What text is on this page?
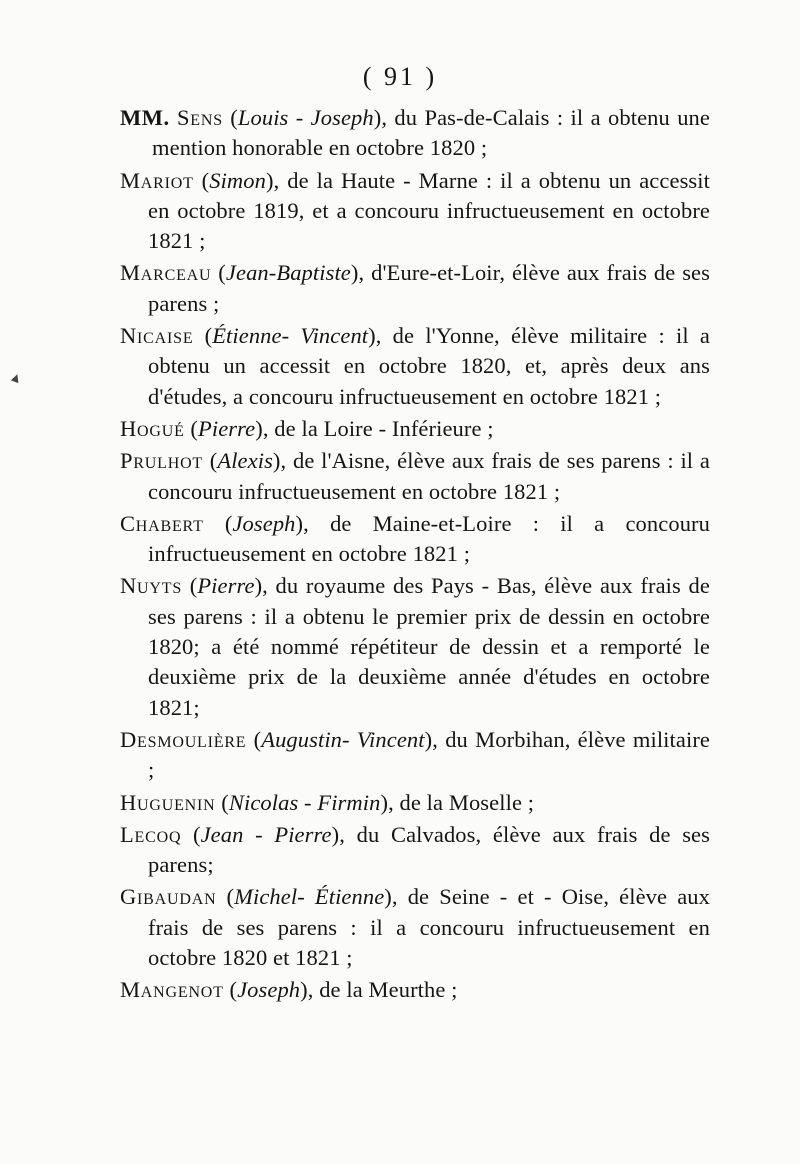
( 91 )

MM. Sens (Louis - Joseph), du Pas-de-Calais : il a obtenu une mention honorable en octobre 1820 ;

Mariot (Simon), de la Haute - Marne : il a obtenu un accessit en octobre 1819, et a concouru infructueusement en octobre 1821 ;

Marceau (Jean-Baptiste), d'Eure-et-Loir, élève aux frais de ses parens ;

Nicaise (Étienne- Vincent), de l'Yonne, élève militaire : il a obtenu un accessit en octobre 1820, et, après deux ans d'études, a concouru infructueusement en octobre 1821 ;

Hogué (Pierre), de la Loire - Inférieure ;

Prulhot (Alexis), de l'Aisne, élève aux frais de ses parens : il a concouru infructueusement en octobre 1821 ;

Chabert (Joseph), de Maine-et-Loire : il a concouru infructueusement en octobre 1821 ;

Nuyts (Pierre), du royaume des Pays - Bas, élève aux frais de ses parens : il a obtenu le premier prix de dessin en octobre 1820; a été nommé répétiteur de dessin et a remporté le deuxième prix de la deuxième année d'études en octobre 1821;

Desmoulière (Augustin- Vincent), du Morbihan, élève militaire ;

Huguenin (Nicolas - Firmin), de la Moselle ;

Lecoq (Jean - Pierre), du Calvados, élève aux frais de ses parens;

Gibaudan (Michel- Étienne), de Seine - et - Oise, élève aux frais de ses parens : il a concouru infructueusement en octobre 1820 et 1821 ;

Mangenot (Joseph), de la Meurthe ;
